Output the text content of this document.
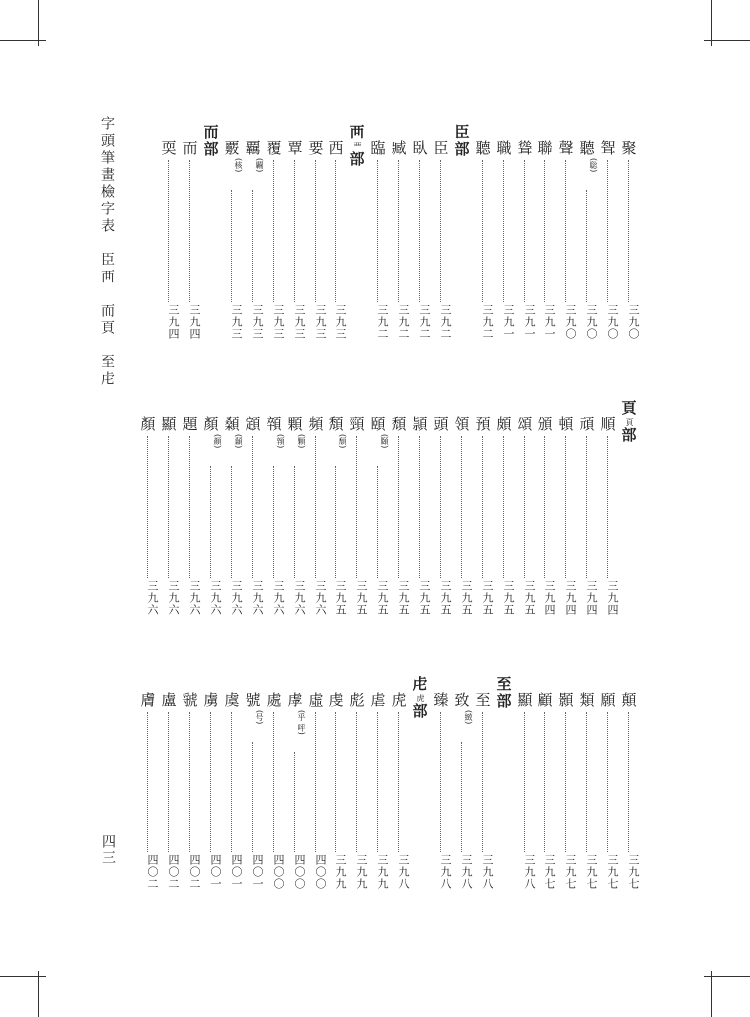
字頭筆畫檢字表　臣襾　而頁　至虍
四三
聚
三九〇
聟
三九〇
聽
(聡)
三九〇
聲
三九〇
聯
三九一
聳
三九一
職
三九一
聽
三九二
臣
部
臣
三九二
臥
三九二
臧
三九二
臨
三九二
襾
覀
部
西
三九三
要
三九三
覃
三九三
覆
三九三
覊
(覊)
三九三
覈
(核)
三九三
而
部
而
三九四
耎
三九四
頁
頁
部
順
三九四
頑
三九四
頓
三九四
頒
三九四
頌
三九五
頗
三九五
預
三九五
領
三九五
頭
三九五
頴
三九五
頹
三九五
頤
(頥)
三九五
頸
三九五
頽
(頹)
三九五
頻
三九六
顆
(顆)
三九六
顇
(顇)
三九六
顁
三九六
顙
(顙)
三九六
顏
(顏)
三九六
題
三九六
顯
三九六
顏
三九六
顛
三九七
願
三九七
類
三九七
顥
三九七
顧
三九七
顯
三九八
至
部
至
三九八
致
(緻)
三九八
臻
三九八
虍
虎
部
虎
三九八
虐
三九九
彪
三九九
虔
三九九
虛
四〇〇
虖
(乎 呼)
四〇〇
處
四〇〇
號
(号)
四〇一
虞
四〇一
虜
四〇一
虢
四〇二
盧
四〇二
膚
四〇二
